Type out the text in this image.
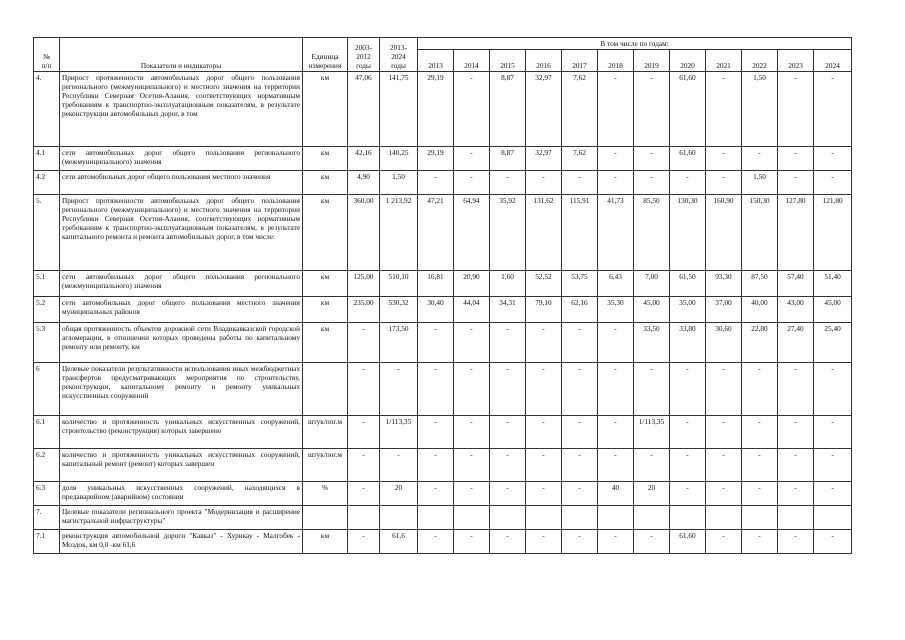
№
п/п	Показатели и индикаторы	Единица измерения	2003-
2012
годы	2013-
2024
годы	В том числе по годам:											
					2013	2014	2015	2016	2017	2018	2019	2020	2021	2022	2023	2024
4.	Прирост протяженности автомобильных дорог общего пользования регионального (межмуниципального) и местного значения на территории Республики Северная Осетия-Алания, соответствующих нормативным требованиям к транспортно-эксплуатационным показателям, в результате реконструкции автомобильных дорог, в том	км	47,06	141,75	29,19	-	8,87	32,97	7,62	-	-	61,60	-	1,50	-	-
4.1	сети автомобильных дорог общего пользования регионального (межмуниципального) значения	км	42,16	140,25	29,19	-	8,87	32,97	7,62	-	-	61,60	-	-	-	-
4.2	сети автомобильных дорог общего пользования местного значения	км	4,90	1,50	-	-	-	-	-	-	-	-	-	1,50	-	-
5.	Прирост протяженности автомобильных дорог общего пользования регионального (межмуниципального) и местного значения на территории Республики Северная Осетия-Алания, соответствующих нормативным требованиям к транспортно-эксплуатационным показателям, в результате капитального ремонта и ремонта автомобильных дорог, в том числе:	км	360,00	1 213,92	47,21	64,94	35,92	131,62	115,91	41,73	85,50	130,30	160,90	150,30	127,80	121,80
5.1	сети автомобильных дорог общего пользования регионального (межмуниципального) значения	км	125,00	510,10	16,81	20,90	1,60	52,52	53,75	6,43	7,00	61,50	93,30	87,50	57,40	51,40
5.2	сети автомобильных дорог общего пользования местного значения муниципальных районов	км	235,00	530,32	30,40	44,04	34,31	79,10	62,16	35,30	45,00	35,00	37,00	40,00	43,00	45,00
5.3	общая протяженность объектов дорожной сети Владикавказской городской агломерации, в отношении которых проведены работы по капитальному ремонту или ремонту, км	км	-	173,50	-	-	-	-	-	-	33,50	33,80	30,60	22,80	27,40	25,40
6	Целевые показатели результативности использования иных межбюджетных трансфертов предусматривающих мероприятия по строительству, реконструкции, капитальному ремонту и ремонту уникальных искусственных сооружений		-	-	-	-	-	-	-	-	-	-	-	-	-	-
6.1	количество и протяженность уникальных искусственных сооружений, строительство (реконструкция) которых завершено	штук/пог.м	-	1/113,35	-	-	-	-	-	-	1/113,35	-	-	-	-	-
6.2	количество и протяженность уникальных искусственных сооружений, капитальный ремонт (ремонт) которых завершен	штук/пог.м	-	-	-	-	-	-	-	-	-	-	-	-	-	-
6.3	доля уникальных искусственных сооружений, находящихся в предаварийном (аварийном) состоянии	%	-	20	-	-	-	-	-	40	20	-	-	-	-	-
7.	Целевые показатели регионального проекта "Модернизация и расширение магистральной инфраструктуры"															
7.1	реконструкция автомобильной дороги "Кавказ" - Хурикау - Малгобек - Моздок, км 0,0 -км 61,6	км	-	61,6	-	-	-	-	-	-	-	61,60	-	-	-	-
